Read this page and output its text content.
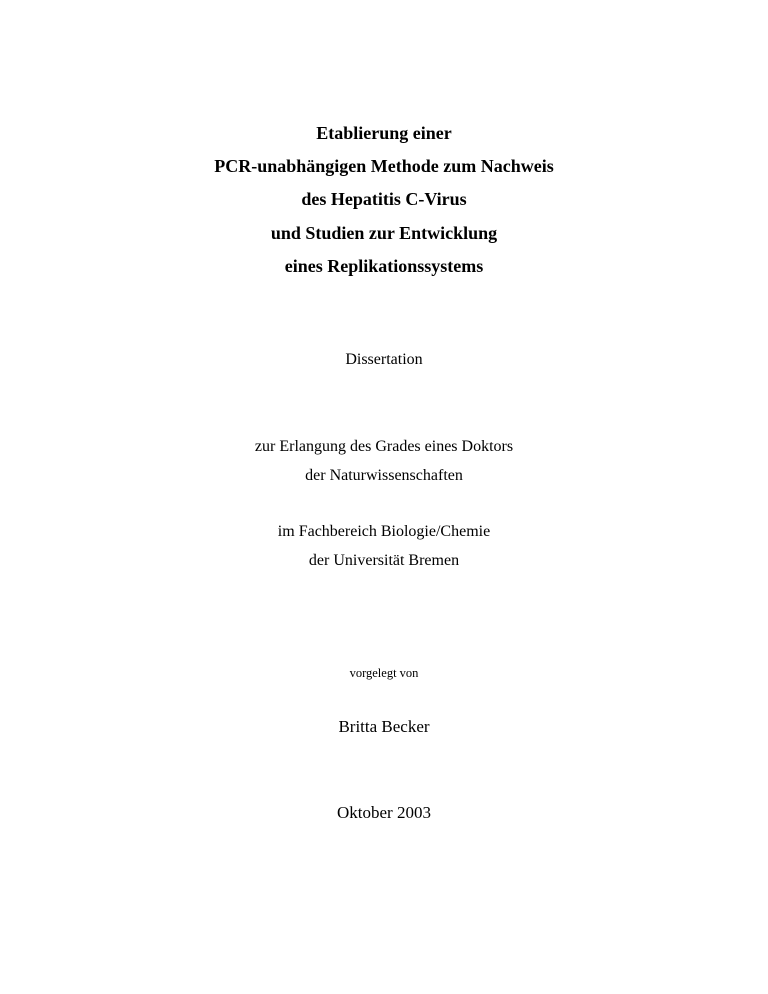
Etablierung einer
PCR-unabhängigen Methode zum Nachweis
des Hepatitis C-Virus
und Studien zur Entwicklung
eines Replikationssystems
Dissertation
zur Erlangung des Grades eines Doktors
der Naturwissenschaften
im Fachbereich Biologie/Chemie
der Universität Bremen
vorgelegt von
Britta Becker
Oktober 2003
